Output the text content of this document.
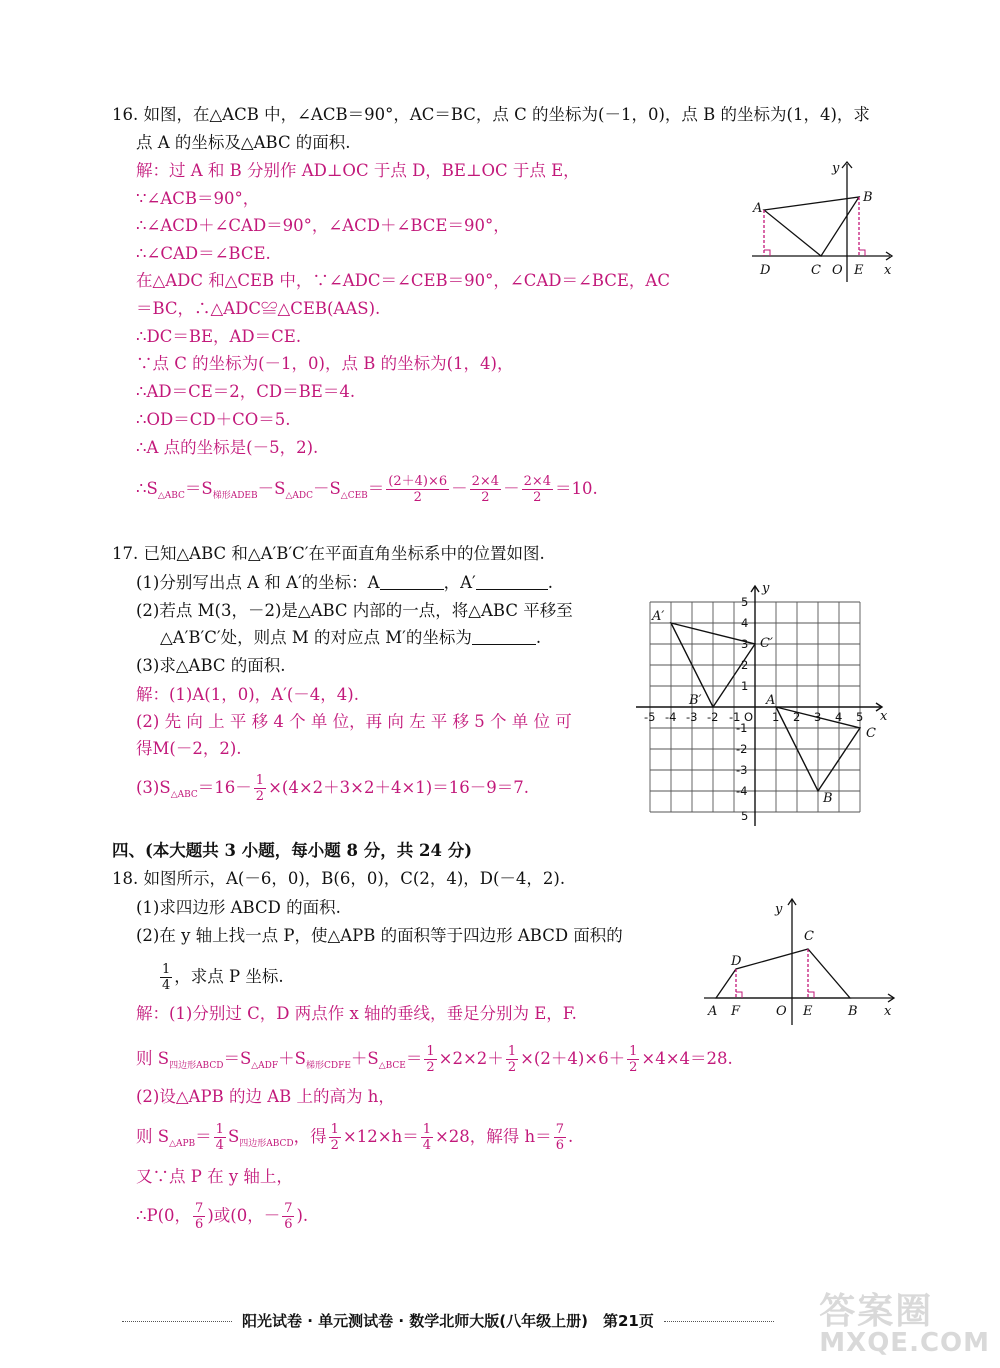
16. 如图，在△ACB 中，∠ACB＝90°，AC＝BC，点 C 的坐标为(－1，0)，点 B 的坐标为(1，4)，求
点 A 的坐标及△ABC 的面积.
解：过 A 和 B 分别作 AD⊥OC 于点 D，BE⊥OC 于点 E，
∵∠ACB＝90°，
∴∠ACD＋∠CAD＝90°，∠ACD＋∠BCE＝90°，
∴∠CAD＝∠BCE.
在△ADC 和△CEB 中，∵∠ADC＝∠CEB＝90°，∠CAD＝∠BCE，AC
＝BC，∴△ADC≌△CEB(AAS).
∴DC＝BE，AD＝CE.
∵点 C 的坐标为(－1，0)，点 B 的坐标为(1，4)，
∴AD＝CE＝2，CD＝BE＝4.
∴OD＝CD＋CO＝5.
∴A 点的坐标是(－5，2).
$\therefore S_{\triangle ABC}=S_{梯形ADEB}-S_{\triangle ADC}-S_{\triangle CEB}= \frac{(2+4)\times 6}{2} - \frac{2\times 4}{2} - \frac{2\times 4}{2} =10$.
y
A
B
D	C O E x
17. 已知△ABC 和△A′B′C′在平面直角坐标系中的位置如图.
(1)分别写出点 A 和 A′的坐标：A	，A′	.
(2)若点 M(3，－2)是△ABC 内部的一点，将△ABC 平移至
△A′B′C′处，则点 M 的对应点 M′的坐标为	.
(3)求△ABC 的面积.
解：(1)A(1，0)，A′(－4，4).
(2) 先 向 上 平 移 4 个 单 位，再 向 左 平 移 5 个 单 位 可
得M(－2，2).
$(3)S_{\triangle ABC}=16- \frac{1}{2} \times(4\times 2+3\times 2+4\times 1)=16-9=7$.
-5 -4 -3 -2 -1	1 2 3 4 5
5
4
3
2
1
-1
-2
-3
-4
5
O
y
x
A′
C′
B′	A
C
B
四、(本大题共 3 小题，每小题 8 分，共 24 分)
18. 如图所示，A(－6，0)，B(6，0)，C(2，4)，D(－4，2).
(1)求四边形 ABCD 的面积.
(2)在 y 轴上找一点 P，使△APB 的面积等于四边形 ABCD 面积的
$\frac{1}{4}$ ，求点 P 坐标.
解：(1)分别过 C，D 两点作 x 轴的垂线，垂足分别为 E，F.
则 $S_{四边形ABCD}=S_{\triangle ADF}+S_{梯形CDFE}+S_{\triangle BCE}= \frac{1}{2} \times 2\times 2+ \frac{1}{2} \times(2+4)\times 6+ \frac{1}{2} \times 4\times 4=28$.
(2)设△APB 的边 AB 上的高为 h，
则 $S_{\triangle APB}= \frac{1}{4} S_{四边形ABCD}$，得 $\frac{1}{2} \times 12\times h= \frac{1}{4} \times 28$，解得 $h= \frac{7}{6}$ .
又∵点 P 在 y 轴上，
∴P(0， $\frac{7}{6}$ )或(0，－ $\frac{7}{6}$ ).
y
C
D
A F	O E	B x
阳光试卷 · 单元测试卷 · 数学北师大版(八年级上册)　第21页	答案圈
MXQE.COM
